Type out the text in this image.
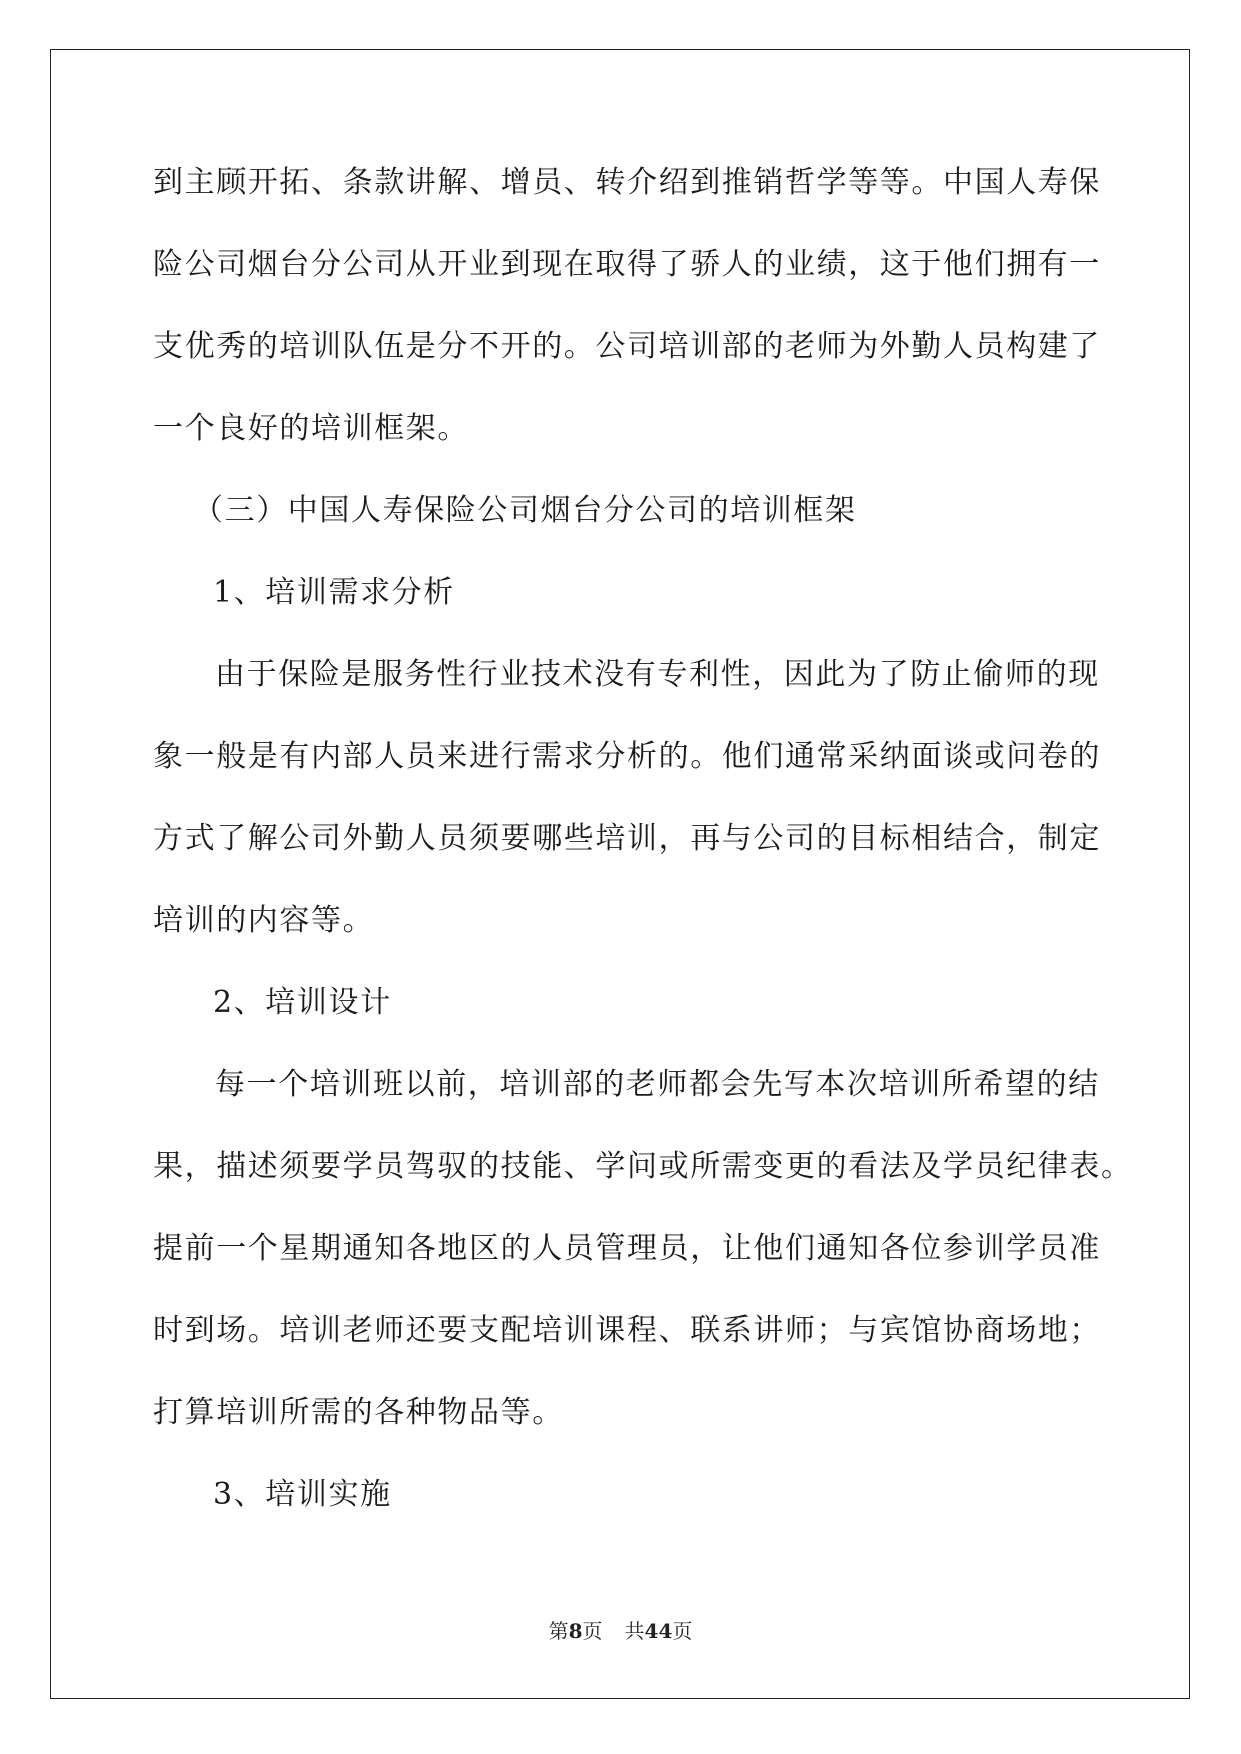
到主顾开拓、条款讲解、增员、转介绍到推销哲学等等。中国人寿保
险公司烟台分公司从开业到现在取得了骄人的业绩，这于他们拥有一
支优秀的培训队伍是分不开的。公司培训部的老师为外勤人员构建了
一个良好的培训框架。
（三）中国人寿保险公司烟台分公司的培训框架
1、培训需求分析
由于保险是服务性行业技术没有专利性，因此为了防止偷师的现
象一般是有内部人员来进行需求分析的。他们通常采纳面谈或问卷的
方式了解公司外勤人员须要哪些培训，再与公司的目标相结合，制定
培训的内容等。
2、培训设计
每一个培训班以前，培训部的老师都会先写本次培训所希望的结
果，描述须要学员驾驭的技能、学问或所需变更的看法及学员纪律表。
提前一个星期通知各地区的人员管理员，让他们通知各位参训学员准
时到场。培训老师还要支配培训课程、联系讲师；与宾馆协商场地；
打算培训所需的各种物品等。
3、培训实施
第8页 共44页
